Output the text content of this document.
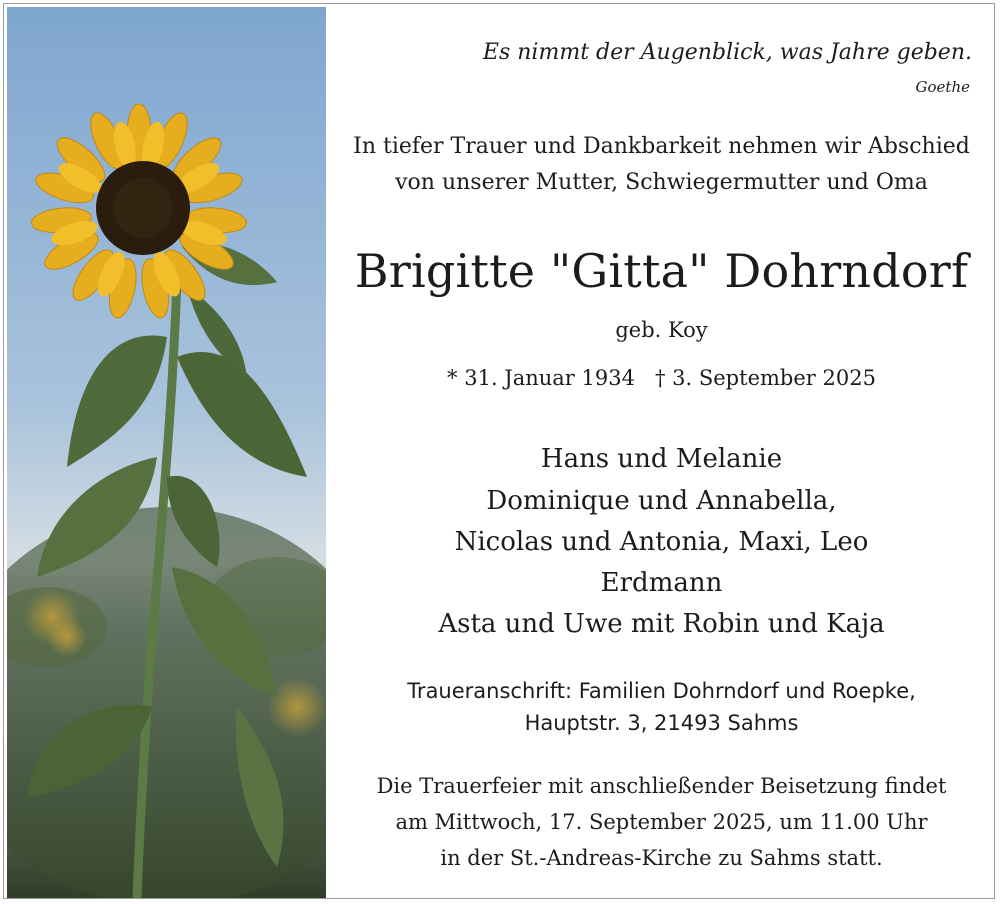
Es nimmt der Augenblick, was Jahre geben.
Goethe
In tiefer Trauer und Dankbarkeit nehmen wir Abschied
von unserer Mutter, Schwiegermutter und Oma
Brigitte "Gitta" Dohrndorf
geb. Koy
* 31. Januar 1934   † 3. September 2025
Hans und Melanie
Dominique und Annabella,
Nicolas und Antonia, Maxi, Leo
Erdmann
Asta und Uwe mit Robin und Kaja
Traueranschrift: Familien Dohrndorf und Roepke,
Hauptstr. 3, 21493 Sahms
Die Trauerfeier mit anschließender Beisetzung findet
am Mittwoch, 17. September 2025, um 11.00 Uhr
in der St.-Andreas-Kirche zu Sahms statt.
